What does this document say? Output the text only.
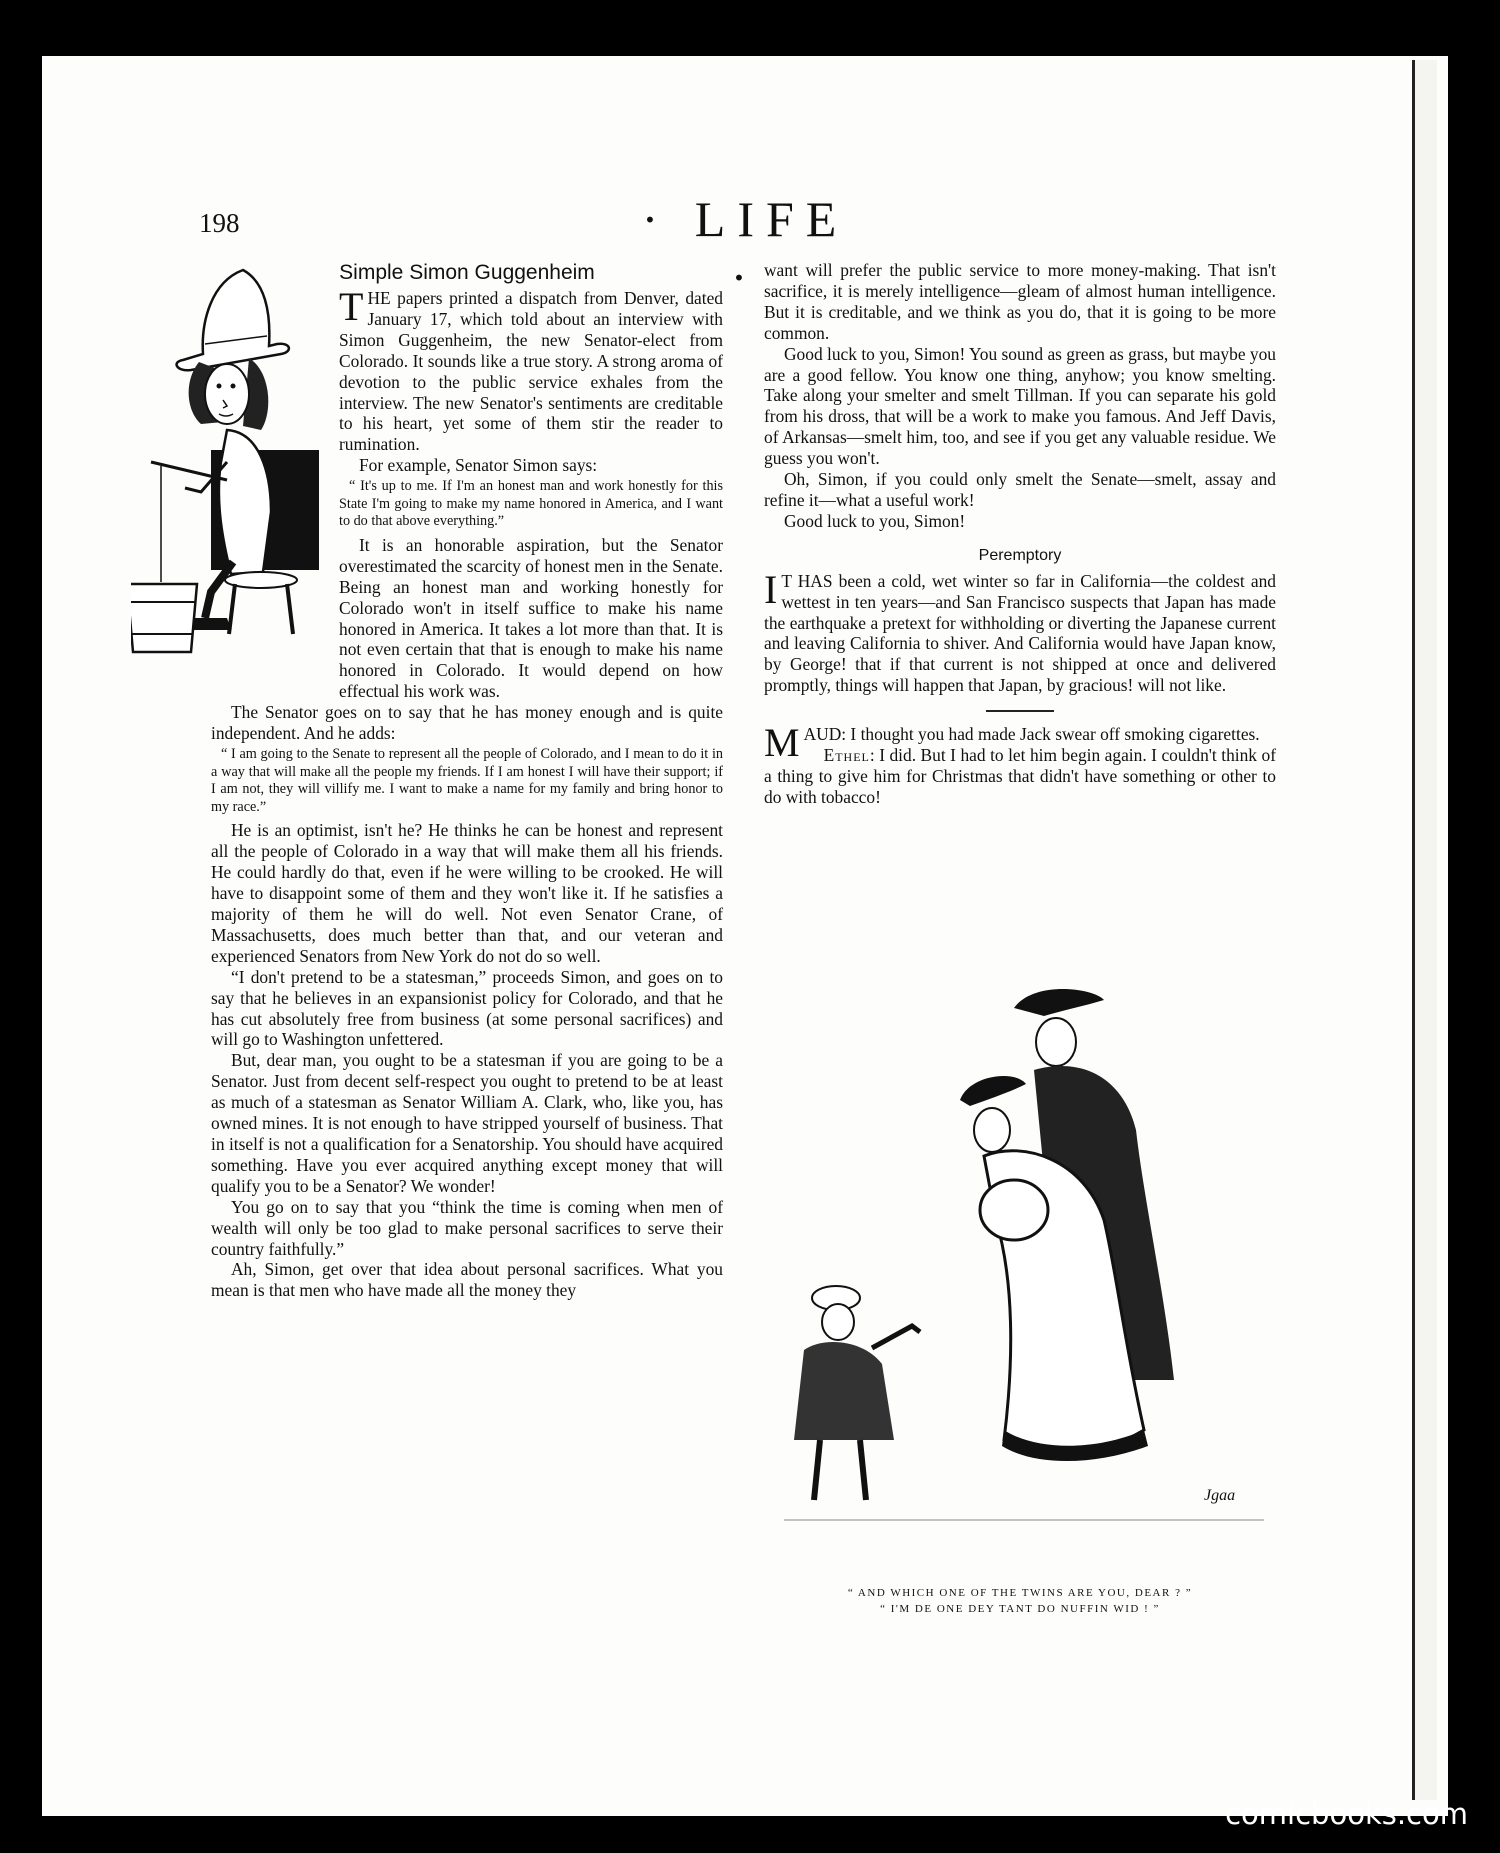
198	· LIFE ·
Simple Simon Guggenheim

THE papers printed a dispatch from Denver, dated January 17, which told about an interview with Simon Guggenheim, the new Senator-elect from Colorado. It sounds like a true story. A strong aroma of devotion to the public service exhales from the interview. The new Senator's sentiments are creditable to his heart, yet some of them stir the reader to rumination.

For example, Senator Simon says:

“ It's up to me. If I'm an honest man and work honestly for this State I'm going to make my name honored in America, and I want to do that above everything.”

It is an honorable aspiration, but the Senator overestimated the scarcity of honest men in the Senate. Being an honest man and working honestly for Colorado won't in itself suffice to make his name honored in America. It takes a lot more than that. It is not even certain that that is enough to make his name honored in Colorado. It would depend on how effectual his work was.

The Senator goes on to say that he has money enough and is quite independent. And he adds:

“ I am going to the Senate to represent all the people of Colorado, and I mean to do it in a way that will make all the people my friends. If I am honest I will have their support; if I am not, they will villify me. I want to make a name for my family and bring honor to my race.”

He is an optimist, isn't he? He thinks he can be honest and represent all the people of Colorado in a way that will make them all his friends. He could hardly do that, even if he were willing to be crooked. He will have to disappoint some of them and they won't like it. If he satisfies a majority of them he will do well. Not even Senator Crane, of Massachusetts, does much better than that, and our veteran and experienced Senators from New York do not do so well.

“I don't pretend to be a statesman,” proceeds Simon, and goes on to say that he believes in an expansionist policy for Colorado, and that he has cut absolutely free from business (at some personal sacrifices) and will go to Washington unfettered.

But, dear man, you ought to be a statesman if you are going to be a Senator. Just from decent self-respect you ought to pretend to be at least as much of a statesman as Senator William A. Clark, who, like you, has owned mines. It is not enough to have stripped yourself of business. That in itself is not a qualification for a Senatorship. You should have acquired something. Have you ever acquired anything except money that will qualify you to be a Senator? We wonder!

You go on to say that you “think the time is coming when men of wealth will only be too glad to make personal sacrifices to serve their country faithfully.”

Ah, Simon, get over that idea about personal sacrifices. What you mean is that men who have made all the money they

want will prefer the public service to more money-making. That isn't sacrifice, it is merely intelligence—gleam of almost human intelligence. But it is creditable, and we think as you do, that it is going to be more common.

Good luck to you, Simon! You sound as green as grass, but maybe you are a good fellow. You know one thing, anyhow; you know smelting. Take along your smelter and smelt Tillman. If you can separate his gold from his dross, that will be a work to make you famous. And Jeff Davis, of Arkansas—smelt him, too, and see if you get any valuable residue. We guess you won't.

Oh, Simon, if you could only smelt the Senate—smelt, assay and refine it—what a useful work!

Good luck to you, Simon!

Peremptory

I T HAS been a cold, wet winter so far in California—the coldest and wettest in ten years—and San Francisco suspects that Japan has made the earthquake a pretext for withholding or diverting the Japanese current and leaving California to shiver. And California would have Japan know, by George! that if that current is not shipped at once and delivered promptly, things will happen that Japan, by gracious! will not like.

MAUD: I thought you had made Jack swear off smoking cigarettes.

Ethel: I did. But I had to let him begin again. I couldn't think of a thing to give him for Christmas that didn't have something or other to do with tobacco!

Jgaa
“ AND WHICH ONE OF THE TWINS ARE YOU, DEAR ? ”
“ I'M DE ONE DEY TANT DO NUFFIN WID ! ”
comicbooks.com
